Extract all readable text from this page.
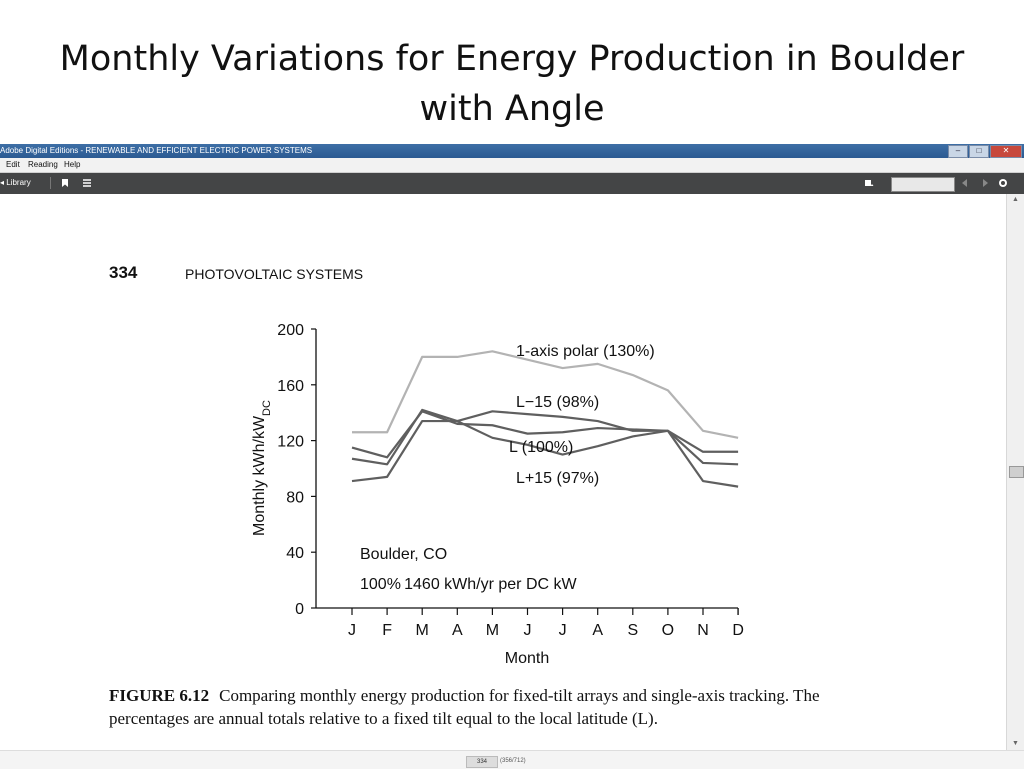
Monthly Variations for Energy Production in Boulder with Angle
Adobe Digital Editions - RENEWABLE AND EFFICIENT ELECTRIC POWER SYSTEMS	–	□	✕
Edit Reading Help
◂ Library
▲
▼
334	PHOTOVOLTAIC SYSTEMS
0
40
80
120
160
200
J F M A M J J A S O N D
Month
Monthly kWh/$kW_{DC}$
1-axis polar (130%)
L−15 (98%)
L (100%)
L+15 (97%)
Boulder, CO
100% 1460 kWh/yr per DC kW
FIGURE 6.12 Comparing monthly energy production for fixed-tilt arrays and single-axis tracking. The percentages are annual totals relative to a fixed tilt equal to the local latitude (L).
334	(356/712)
